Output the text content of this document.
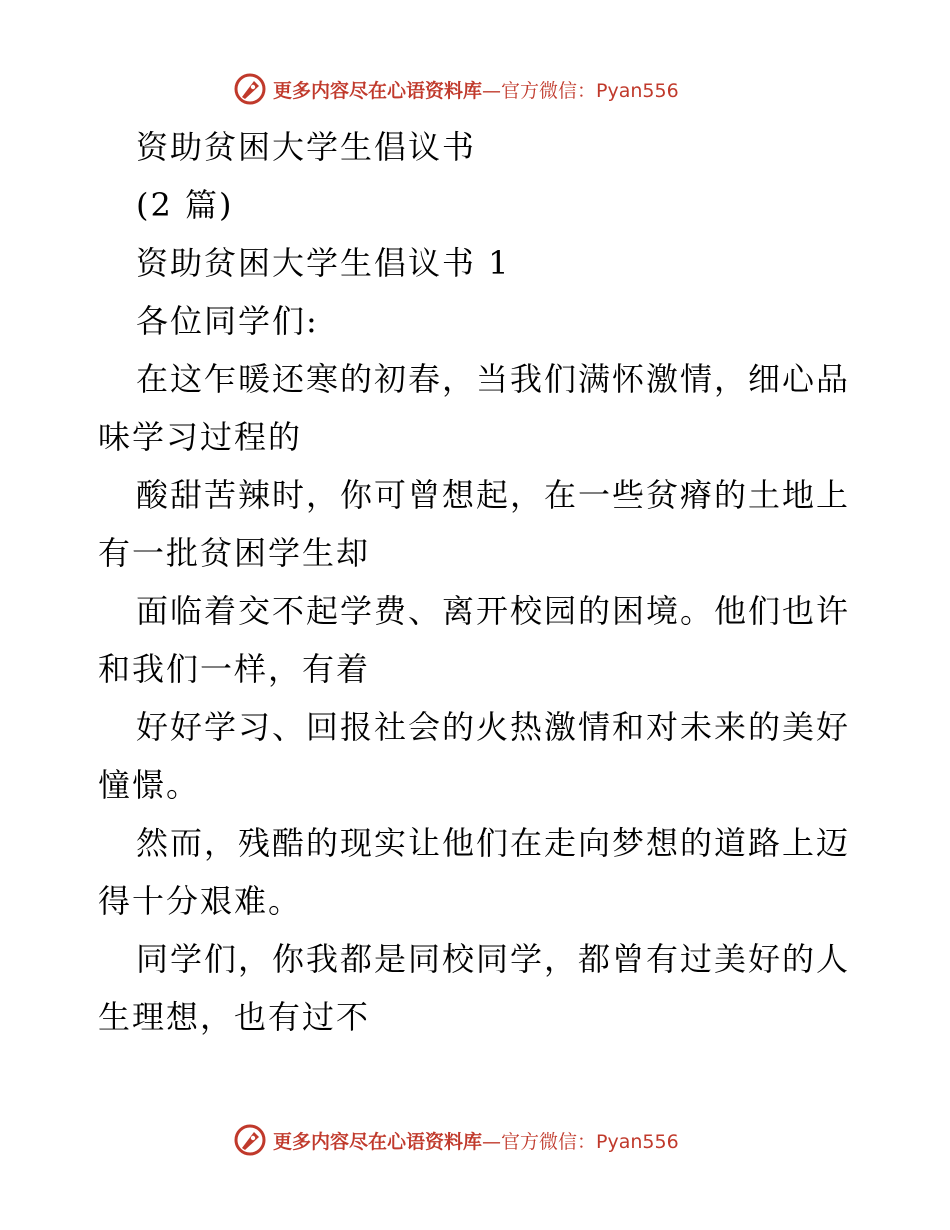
更多内容尽在心语资料库—官方微信：Pyan556

资助贫困大学生倡议书

(2 篇)

资助贫困大学生倡议书 1

各位同学们:

在这乍暖还寒的初春，当我们满怀激情，细心品味学习过程的

酸甜苦辣时，你可曾想起，在一些贫瘠的土地上有一批贫困学生却

面临着交不起学费、离开校园的困境。他们也许和我们一样，有着

好好学习、回报社会的火热激情和对未来的美好憧憬。

然而，残酷的现实让他们在走向梦想的道路上迈得十分艰难。

同学们，你我都是同校同学，都曾有过美好的人生理想，也有过不

更多内容尽在心语资料库—官方微信：Pyan556
